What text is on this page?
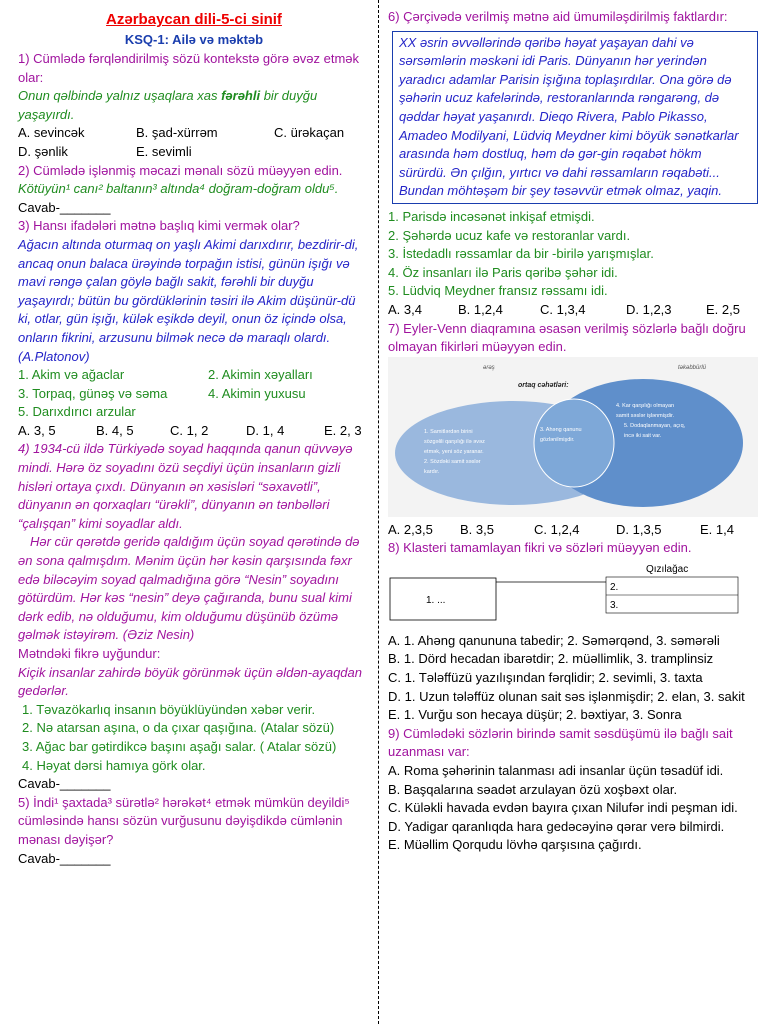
Azərbaycan dili-5-ci sinif
KSQ-1: Ailə və məktəb
1) Cümlədə fərqləndirilmiş sözü kontekstə görə əvəz etmək olar:
Onun qəlbində yalnız uşaqlara xas fərəhli bir duyğu yaşayırdı.
A. sevincək	B. şad-xürrəm	C. ürəkaçan
D. şənlik	E. sevimli
2) Cümlədə işlənmiş məcazi mənalı sözü müəyyən edin.
Kötüyün¹ canı² baltanın³ altında⁴ doğram-doğram oldu⁵.
Cavab-_______
3) Hansı ifadələri mətnə başlıq kimi vermək olar?
Ağacın altında oturmaq on yaşlı Akimi darıxdırır, bezdirir-di, ancaq onun balaca ürəyində torpağın istisi, günün işığı və mavi rəngə çalan göylə bağlı sakit, fərəhli bir duyğu yaşayırdı; bütün bu gördüklərinin təsiri ilə Akim düşünür-dü ki, otlar, gün işığı, külək eşikdə deyil, onun öz içində olsa, onların fikrini, arzusunu bilmək necə də maraqlı olardı. (A.Platonov)
1. Akim və ağaclar	2. Akimin xəyalları
3. Torpaq, günəş və səma	4. Akimin yuxusu
5. Darıxdırıcı arzular
A. 3, 5	B. 4, 5	C. 1, 2	D. 1, 4	E. 2, 3
4) 1934-cü ildə Türkiyədə soyad haqqında qanun qüvvəyə mindi. Hərə öz soyadını özü seçdiyi üçün insanların gizli hisləri ortaya çıxdı. Dünyanın ən xəsisləri “səxavətli”, dünyanın ən qorxaqları “ürəkli”, dünyanın ən tənbəlləri “çalışqan” kimi soyadlar aldı.
Hər cür qərətdə geridə qaldığım üçün soyad qərətində də ən sona qalmışdım. Mənim üçün hər kəsin qarşısında fəxr edə biləcəyim soyad qalmadığına görə “Nesin” soyadını götürdüm. Hər kəs “nesin” deyə çağıranda, bunu sual kimi dərk edib, nə olduğumu, kim olduğumu düşünüb özümə gəlmək istəyirəm. (Əziz Nesin)
Mətndəki fikrə uyğundur:
Kiçik insanlar zahirdə böyük görünmək üçün əldən-ayaqdan gedərlər.
1. Təvazökarlıq insanın böyüklüyündən xəbər verir.
2. Nə atarsan aşına, o da çıxar qaşığına. (Atalar sözü)
3. Ağac bar gətirdikcə başını aşağı salar. ( Atalar sözü)
4. Həyat dərsi hamıya görk olar.
Cavab-_______
5) İndi¹ şaxtada³ sürətlə² hərəkət⁴ etmək mümkün deyildi⁵ cümləsində hansı sözün vurğusunu dəyişdikdə cümlənin mənası dəyişər?
Cavab-_______
6) Çərçivədə verilmiş mətnə aid ümumiləşdirilmiş faktlardır:
XX əsrin əvvəllərində qəribə həyat yaşayan dahi və sərsəmlərin məskəni idi Paris. Dünyanın hər yerindən yaradıcı adamlar Parisin işığına toplaşırdılar. Ona görə də şəhərin ucuz kafelərində, restoranlarında rəngarəng, də qəddar həyat yaşanırdı. Dieqo Rivera, Pablo Pikasso, Amadeo Modilyani, Lüdviq Meydner kimi böyük sənətkarlar arasında həm dostluq, həm də gər-gin rəqabət hökm sürürdü. Ən çılğın, yırtıcı və dahi rəssamların rəqabəti... Bundan möhtəşəm bir şey təsəvvür etmək olmaz, yaqin.
1. Parisdə incəsənət inkişaf etmişdi.
2. Şəhərdə ucuz kafe və restoranlar vardı.
3. İstedadlı rəssamlar da bir -birilə yarışmışlar.
4. Öz insanları ilə Paris qəribə şəhər idi.
5. Lüdviq Meydner fransız rəssamı idi.
A. 3,4	B. 1,2,4	C. 1,3,4	D. 1,2,3	E. 2,5
7) Eyler-Venn diaqramına əsasən verilmiş sözlərlə bağlı doğru olmayan fikirləri müəyyən edin.
ərəş	təkəbbürlü
ortaq cəhətləri:
1. Samitlərdən birini
sözgəlili qarşılığı ilə əvəz
etmək, yeni söz yaranar.
2. Sözdəki samit səslər
kardır.
3. Ahəng qanunu
gözlənilmişdir.
4. Kar qarşılığı olmayan
samit səslər işlənmişdir.
5. Dodaqlanmayan, açıq,
incə iki sait var.
A. 2,3,5	B. 3,5	C. 1,2,4	D. 1,3,5	E. 1,4
8) Klasteri tamamlayan fikri və sözləri müəyyən edin.
Qızılağac
1. ...
2.
3.
A. 1. Ahəng qanununa tabedir; 2. Səmərqənd, 3. səmərəli
B. 1. Dörd hecadan ibarətdir; 2. müəllimlik, 3. tramplinsiz
C. 1. Tələffüzü yazılışından fərqlidir; 2. sevimli, 3. taxta
D. 1. Uzun tələffüz olunan sait səs işlənmişdir; 2. elan, 3. sakit
E. 1. Vurğu son hecaya düşür; 2. bəxtiyar, 3. Sonra
9) Cümlədəki sözlərin birində samit səsdüşümü ilə bağlı sait uzanması var:
A. Roma şəhərinin talanması adi insanlar üçün təsadüf idi.
B. Başqalarına səadət arzulayan özü xoşbəxt olar.
C. Küləkli havada evdən bayıra çıxan Nilufər indi peşman idi.
D. Yadigar qaranlıqda hara gedəcəyinə qərar verə bilmirdi.
E. Müəllim Qorqudu lövhə qarşısına çağırdı.
